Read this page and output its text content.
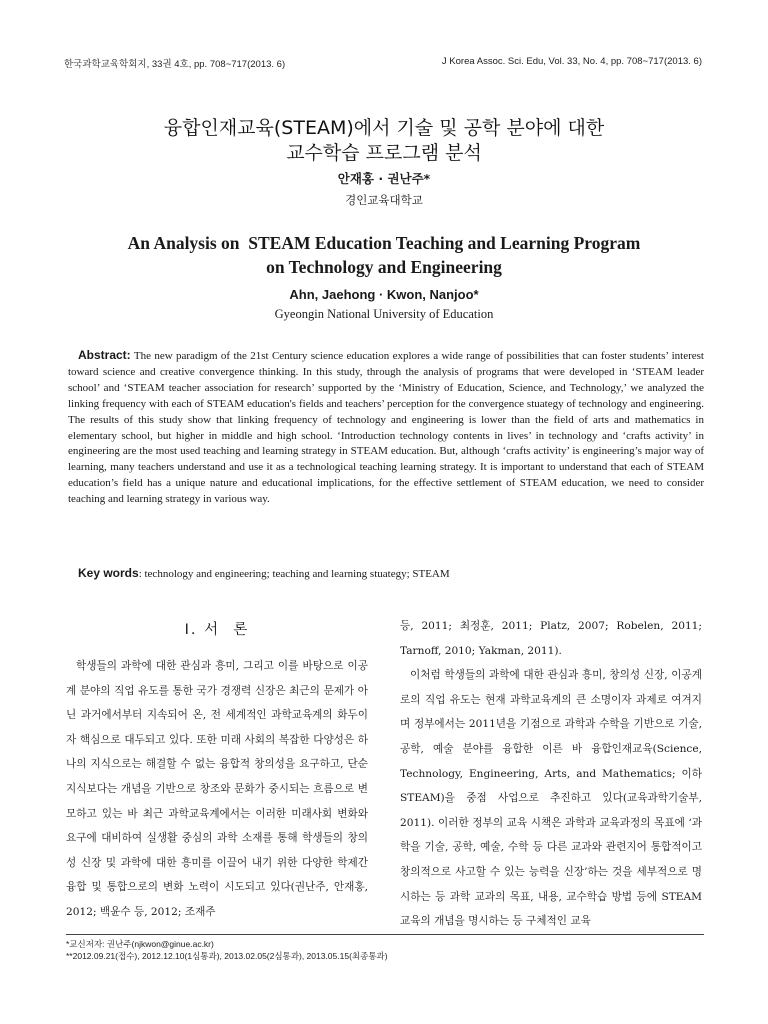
한국과학교육학회지, 33권 4호, pp. 708~717(2013. 6)	J Korea Assoc. Sci. Edu, Vol. 33, No. 4, pp. 708~717(2013. 6)
융합인재교육(STEAM)에서 기술 및 공학 분야에 대한
교수학습 프로그램 분석
안재홍 · 권난주*
경인교육대학교
An Analysis on  STEAM Education Teaching and Learning Program
on Technology and Engineering
Ahn, Jaehong · Kwon, Nanjoo*
Gyeongin National University of Education
Abstract: The new paradigm of the 21st Century science education explores a wide range of possibilities that can foster students’ interest toward science and creative convergence thinking. In this study, through the analysis of programs that were developed in ‘STEAM leader school’ and ‘STEAM teacher association for research’ supported by the ‘Ministry of Education, Science, and Technology,’ we analyzed the linking frequency with each of STEAM education's fields and teachers’ perception for the convergence stuategy of technology and engineering. The results of this study show that linking frequency of technology and engineering is lower than the field of arts and mathematics in elementary school, but higher in middle and high school. ‘Introduction technology contents in lives’ in technology and ‘crafts activity’ in engineering are the most used teaching and learning strategy in STEAM education. But, although ‘crafts activity’ is engineering’s major way of learning, many teachers understand and use it as a technological teaching learning strategy. It is important to understand that each of STEAM education’s field has a unique nature and educational implications, for the effective settlement of STEAM education, we need to consider teaching and learning strategy in various way.
Key words: technology and engineering; teaching and learning stuategy; STEAM
Ⅰ. 서  론

학생들의 과학에 대한 관심과 흥미, 그리고 이를 바탕으로 이공계 분야의 직업 유도를 통한 국가 경쟁력 신장은 최근의 문제가 아닌 과거에서부터 지속되어 온, 전 세계적인 과학교육계의 화두이자 핵심으로 대두되고 있다. 또한 미래 사회의 복잡한 다양성은 하나의 지식으로는 해결할 수 없는 융합적 창의성을 요구하고, 단순 지식보다는 개념을 기반으로 창조와 문화가 중시되는 흐름으로 변모하고 있는 바 최근 과학교육계에서는 이러한 미래사회 변화와 요구에 대비하여 실생활 중심의 과학 소재를 통해 학생들의 창의성 신장 및 과학에 대한 흥미를 이끌어 내기 위한 다양한 학제간 융합 및 통합으로의 변화 노력이 시도되고 있다(권난주, 안재홍, 2012; 백윤수 등, 2012; 조재주

등, 2011; 최정훈, 2011; Platz, 2007; Robelen, 2011; Tarnoff, 2010; Yakman, 2011).

이처럼 학생들의 과학에 대한 관심과 흥미, 창의성 신장, 이공계로의 직업 유도는 현재 과학교육계의 큰 소명이자 과제로 여겨지며 정부에서는 2011년을 기점으로 과학과 수학을 기반으로 기술, 공학, 예술 분야를 융합한 이른 바 융합인재교육(Science, Technology, Engineering, Arts, and Mathematics; 이하 STEAM)을 중점 사업으로 추진하고 있다(교육과학기술부, 2011). 이러한 정부의 교육 시책은 과학과 교육과정의 목표에 ‘과학을 기술, 공학, 예술, 수학 등 다른 교과와 관련지어 통합적이고 창의적으로 사고할 수 있는 능력을 신장’하는 것을 세부적으로 명시하는 등 과학 교과의 목표, 내용, 교수학습 방법 등에 STEAM 교육의 개념을 명시하는 등 구체적인 교육

*교신저자: 권난주(njkwon@ginue.ac.kr)
**2012.09.21(접수), 2012.12.10(1심통과), 2013.02.05(2심통과), 2013.05.15(최종통과)
